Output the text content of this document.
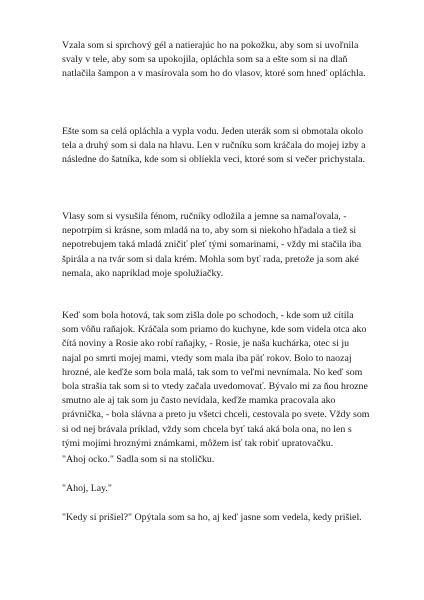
Vzala som si sprchový gél a natierajúc ho na pokožku, aby som si uvoľnila svaly v tele, aby som sa upokojila, opláchla som sa a ešte som si na dlaň natlačila šampon a v masírovala som ho do vlasov, ktoré som hneď opláchla.

Ešte som sa celá opláchla a vypla vodu. Jeden uterák som si obmotala okolo tela a druhý som si dala na hlavu. Len v ručníku som kráčala do mojej izby a následne do šatníka, kde som si oblíekla veci, ktoré som si večer prichystala.

Vlasy som si vysušila fénom, ručníky odložila a jemne sa namaľovala, - nepotrpím si krásne, som mladá na to, aby som si niekoho hľadala a tiež si nepotrebujem taká mladá zničiť pleť tými somarinami, - vždy mi stačila iba špirála a na tvár som si dala krém. Mohla som byť rada, pretože ja som aké nemala, ako napríklad moje spolužiačky.

Keď som bola hotová, tak som zišla dole po schodoch, - kde som už cítila som vôňu raňajok. Kráčala som priamo do kuchyne, kde som videla otca ako čítá noviny a Rosie ako robí raňajky, - Rosie, je naša kuchárka, otec si ju najal po smrti mojej mami, vtedy som mala iba päť rokov. Bolo to naozaj hrozné, ale keďže som bola malá, tak som to veľmi nevnímala. No keď som bola strašia tak som si to vtedy začala uvedomovať. Bývalo mi za ňou hrozne smutno ale aj tak som ju často nevídala, keďže mamka pracovala ako právnička, - bola slávna a preto ju všetci chceli, cestovala po svete. Vždy som si od nej brávala príklad, vždy som chcela byť taká aká bola ona, no len s tými mojími hroznými známkami, môžem isť tak robiť upratovačku.

"Ahoj ocko." Sadla som si na stoličku.

"Ahoj, Lay."

"Kedy si prišiel?" Opýtala som sa ho, aj keď jasne som vedela, kedy prišiel.
